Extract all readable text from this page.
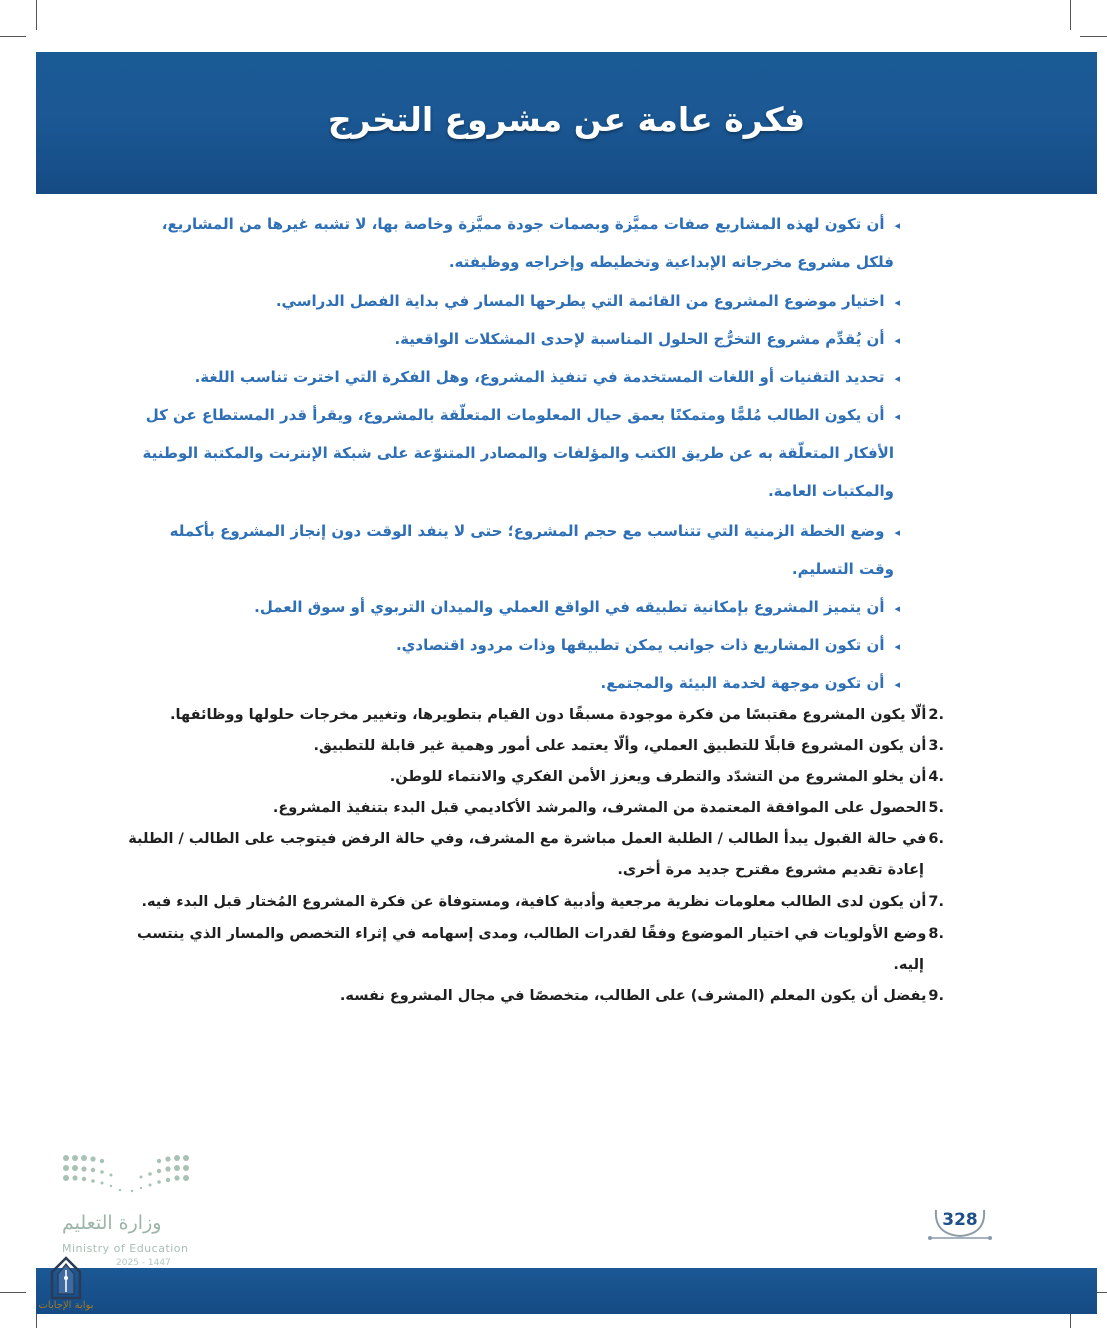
فكرة عامة عن مشروع التخرج
◂أن تكون لهذه المشاريع صفات مميَّزة وبصمات جودة مميَّزة وخاصة بها، لا تشبه غيرها من المشاريع،
فلكل مشروع مخرجاته الإبداعية وتخطيطه وإخراجه ووظيفته.
◂اختيار موضوع المشروع من القائمة التي يطرحها المسار في بداية الفصل الدراسي.
◂أن يُقدِّم مشروع التخرُّج الحلول المناسبة لإحدى المشكلات الواقعية.
◂تحديد التقنيات أو اللغات المستخدمة في تنفيذ المشروع، وهل الفكرة التي اخترت تناسب اللغة.
◂أن يكون الطالب مُلمًّا ومتمكنًا بعمق حيال المعلومات المتعلّقة بالمشروع، ويقرأ قدر المستطاع عن كل
الأفكار المتعلّقة به عن طريق الكتب والمؤلفات والمصادر المتنوّعة على شبكة الإنترنت والمكتبة الوطنية
والمكتبات العامة.
◂وضع الخطة الزمنية التي تتناسب مع حجم المشروع؛ حتى لا ينفد الوقت دون إنجاز المشروع بأكمله
وقت التسليم.
◂أن يتميز المشروع بإمكانية تطبيقه في الواقع العملي والميدان التربوي أو سوق العمل.
◂أن تكون المشاريع ذات جوانب يمكن تطبيقها وذات مردود اقتصادي.
◂أن تكون موجهة لخدمة البيئة والمجتمع.
2.ألّا يكون المشروع مقتبسًا من فكرة موجودة مسبقًا دون القيام بتطويرها، وتغيير مخرجات حلولها ووظائفها.
3.أن يكون المشروع قابلًا للتطبيق العملي، وألّا يعتمد على أمور وهمية غير قابلة للتطبيق.
4.أن يخلو المشروع من التشدّد والتطرف ويعزز الأمن الفكري والانتماء للوطن.
5.الحصول على الموافقة المعتمدة من المشرف، والمرشد الأكاديمي قبل البدء بتنفيذ المشروع.
6.في حالة القبول يبدأ الطالب / الطلبة العمل مباشرة مع المشرف، وفي حالة الرفض فيتوجب على الطالب / الطلبة
إعادة تقديم مشروع مقترح جديد مرة أخرى.
7.أن يكون لدى الطالب معلومات نظرية مرجعية وأدبية كافية، ومستوفاة عن فكرة المشروع المُختار قبل البدء فيه.
8.وضع الأولويات في اختيار الموضوع وفقًا لقدرات الطالب، ومدى إسهامه في إثراء التخصص والمسار الذي ينتسب
إليه.
9.يفضل أن يكون المعلم (المشرف) على الطالب، متخصصًا في مجال المشروع نفسه.
وزارة التعليم
Ministry of Education
2025 - 1447
328
بوابة الإجابات
